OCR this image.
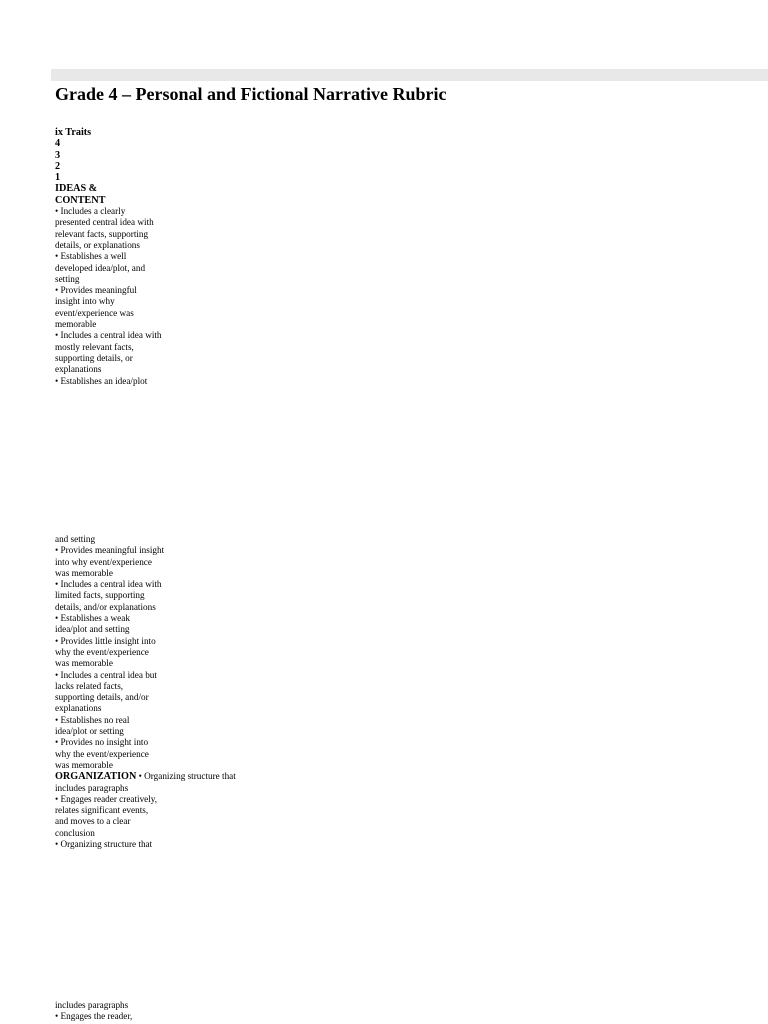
Grade 4 – Personal and Fictional Narrative Rubric
ix Traits
4
3
2
1
IDEAS &
CONTENT
• Includes a clearly
presented central idea with
relevant facts, supporting
details, or explanations
• Establishes a well
developed idea/plot, and
setting
• Provides meaningful
insight into why
event/experience was
memorable
• Includes a central idea with
mostly relevant facts,
supporting details, or
explanations
• Establishes an idea/plot
and setting
• Provides meaningful insight
into why event/experience
was memorable
• Includes a central idea with
limited facts, supporting
details, and/or explanations
• Establishes a weak
idea/plot and setting
• Provides little insight into
why the event/experience
was memorable
• Includes a central idea but
lacks related facts,
supporting details, and/or
explanations
• Establishes no real
idea/plot or setting
• Provides no insight into
why the event/experience
was memorable
ORGANIZATION • Organizing structure that
includes paragraphs
• Engages reader creatively,
relates significant events,
and moves to a clear
conclusion
• Organizing structure that
includes paragraphs
• Engages the reader,
